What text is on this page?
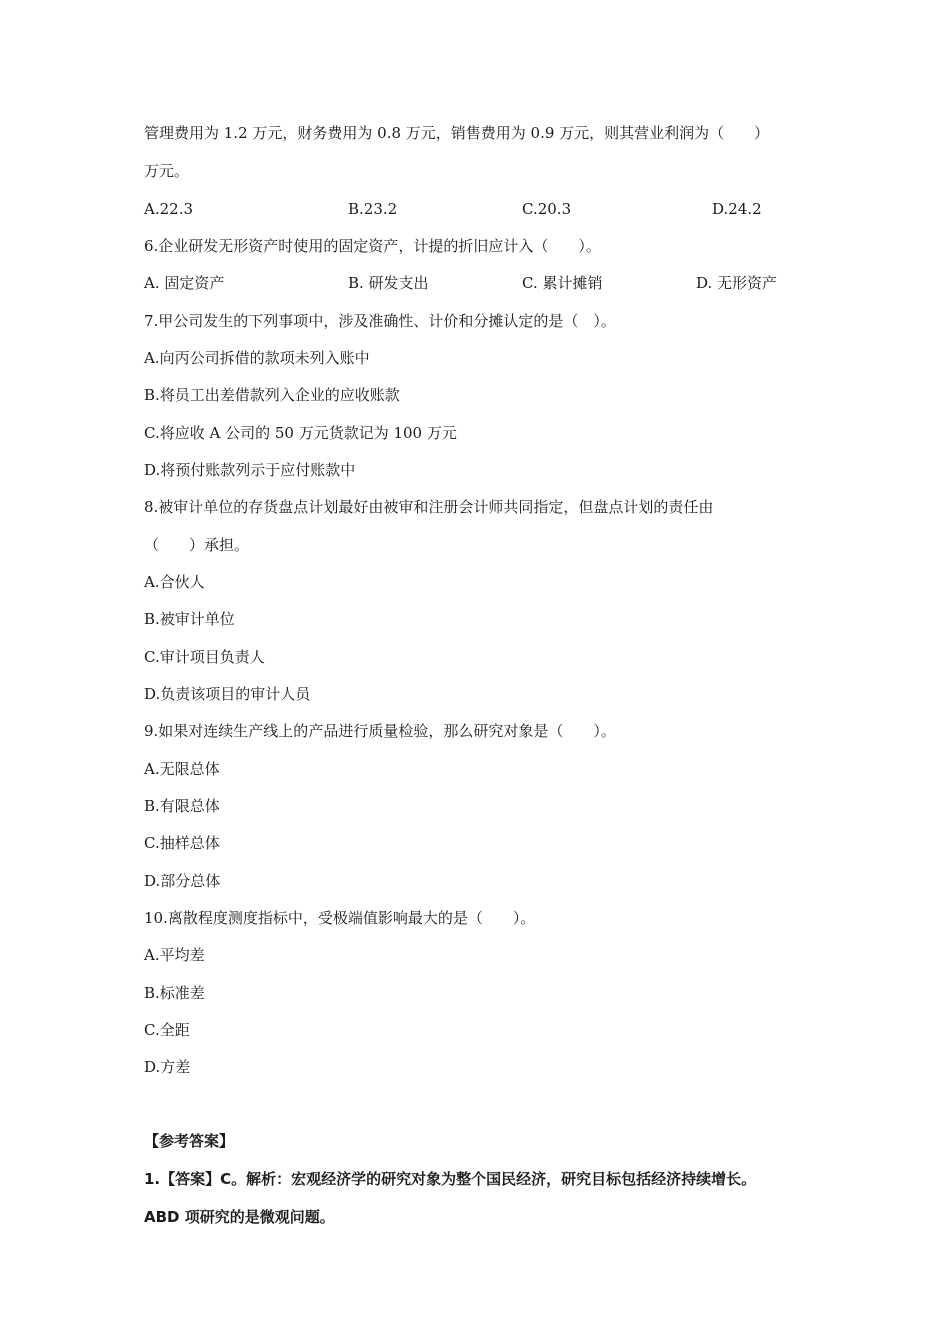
管理费用为 1.2 万元，财务费用为 0.8 万元，销售费用为 0.9 万元，则其营业利润为（　　）
万元。
A.22.3	B.23.2	C.20.3	D.24.2
6.企业研发无形资产时使用的固定资产，计提的折旧应计入（　　）。
A. 固定资产	B. 研发支出	C. 累计摊销	D. 无形资产
7.甲公司发生的下列事项中，涉及准确性、计价和分摊认定的是（　）。
A.向丙公司拆借的款项未列入账中
B.将员工出差借款列入企业的应收账款
C.将应收 A 公司的 50 万元货款记为 100 万元
D.将预付账款列示于应付账款中
8.被审计单位的存货盘点计划最好由被审和注册会计师共同指定，但盘点计划的责任由
（　　）承担。
A.合伙人
B.被审计单位
C.审计项目负责人
D.负责该项目的审计人员
9.如果对连续生产线上的产品进行质量检验，那么研究对象是（　　）。
A.无限总体
B.有限总体
C.抽样总体
D.部分总体
10.离散程度测度指标中，受极端值影响最大的是（　　）。
A.平均差
B.标准差
C.全距
D.方差
【参考答案】
1.【答案】C。解析：宏观经济学的研究对象为整个国民经济，研究目标包括经济持续增长。
ABD 项研究的是微观问题。
